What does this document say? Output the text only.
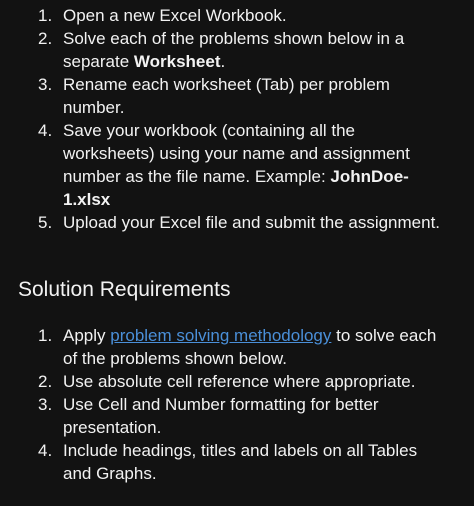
1. Open a new Excel Workbook.
2. Solve each of the problems shown below in a separate Worksheet.
3. Rename each worksheet (Tab) per problem number.
4. Save your workbook (containing all the worksheets) using your name and assignment number as the file name. Example: JohnDoe-1.xlsx
5. Upload your Excel file and submit the assignment.
Solution Requirements
1. Apply problem solving methodology to solve each of the problems shown below.
2. Use absolute cell reference where appropriate.
3. Use Cell and Number formatting for better presentation.
4. Include headings, titles and labels on all Tables and Graphs.
